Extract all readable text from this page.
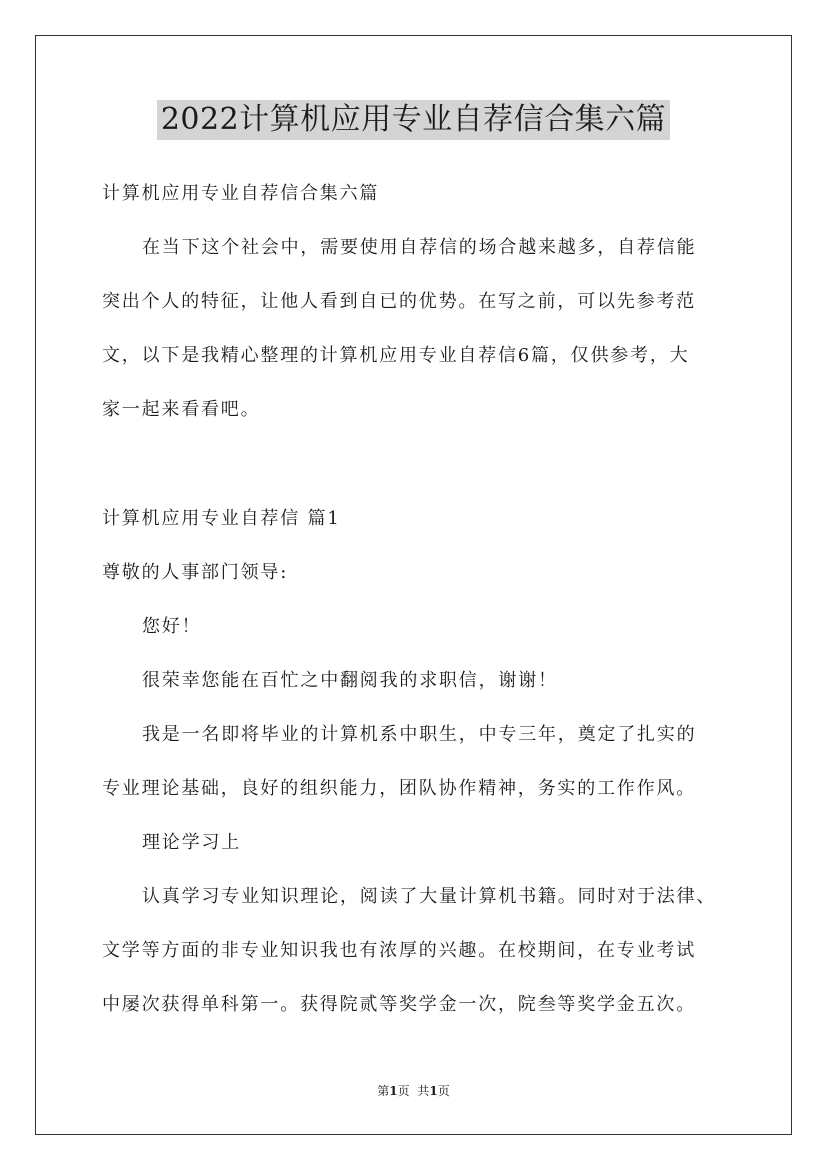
2022计算机应用专业自荐信合集六篇
计算机应用专业自荐信合集六篇
在当下这个社会中，需要使用自荐信的场合越来越多，自荐信能
突出个人的特征，让他人看到自已的优势。在写之前，可以先参考范
文，以下是我精心整理的计算机应用专业自荐信6篇，仅供参考，大
家一起来看看吧。
计算机应用专业自荐信 篇1
尊敬的人事部门领导:
您好！
很荣幸您能在百忙之中翻阅我的求职信，谢谢！
我是一名即将毕业的计算机系中职生，中专三年，奠定了扎实的
专业理论基础，良好的组织能力，团队协作精神，务实的工作作风。
理论学习上
认真学习专业知识理论，阅读了大量计算机书籍。同时对于法律、
文学等方面的非专业知识我也有浓厚的兴趣。在校期间，在专业考试
中屡次获得单科第一。获得院贰等奖学金一次，院叁等奖学金五次。
第1页 共1页
